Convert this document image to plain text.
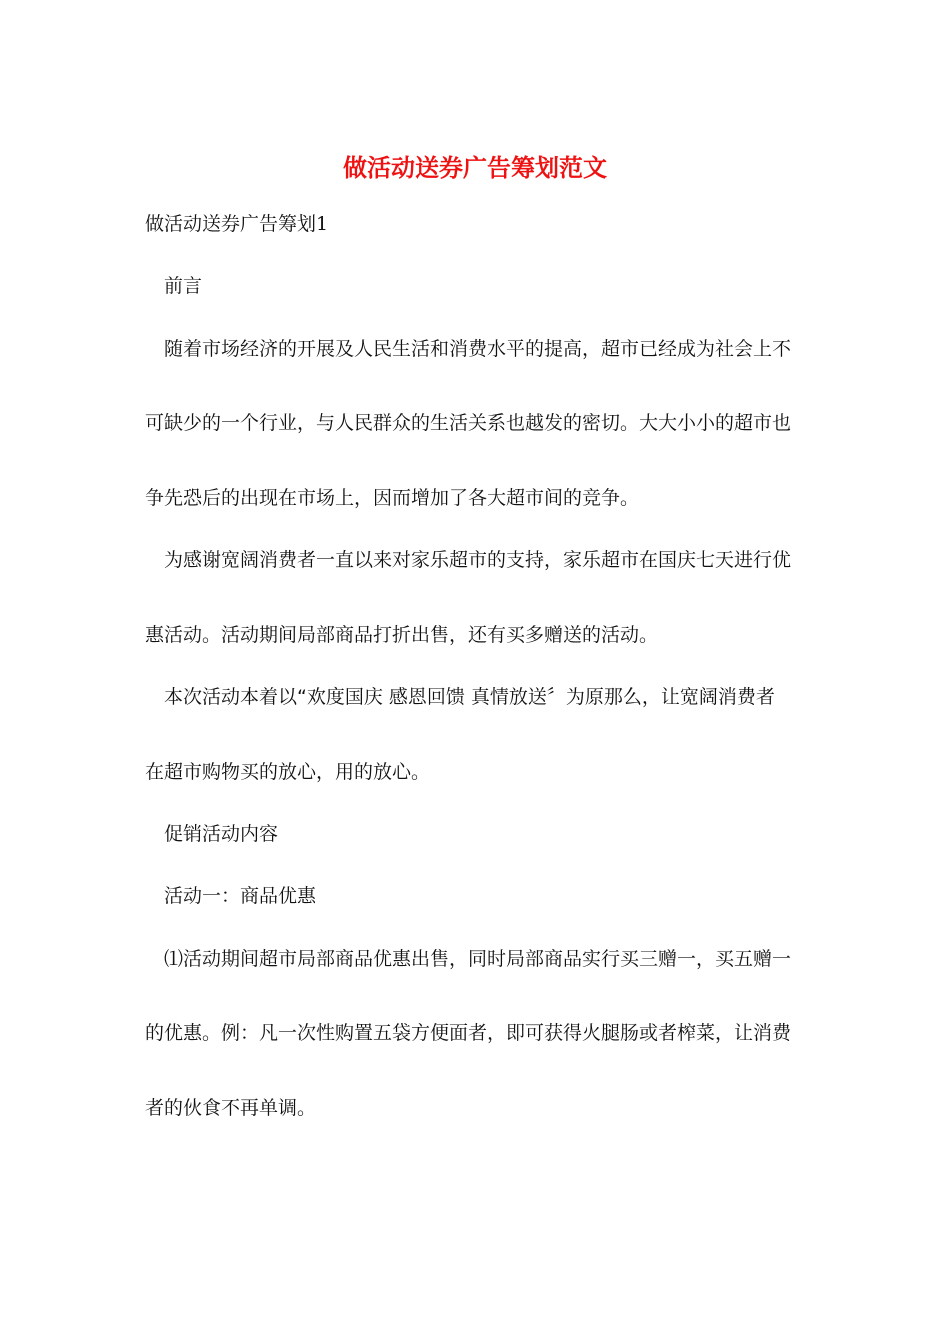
做活动送券广告筹划范文

做活动送券广告筹划1

前言

随着市场经济的开展及人民生活和消费水平的提高，超市已经成为社会上不

可缺少的一个行业，与人民群众的生活关系也越发的密切。大大小小的超市也

争先恐后的出现在市场上，因而增加了各大超市间的竞争。

为感谢宽阔消费者一直以来对家乐超市的支持，家乐超市在国庆七天进行优

惠活动。活动期间局部商品打折出售，还有买多赠送的活动。

本次活动本着以“欢度国庆 感恩回馈 真情放送〞为原那么，让宽阔消费者

在超市购物买的放心，用的放心。

促销活动内容

活动一：商品优惠

⑴活动期间超市局部商品优惠出售，同时局部商品实行买三赠一，买五赠一

的优惠。例：凡一次性购置五袋方便面者，即可获得火腿肠或者榨菜，让消费

者的伙食不再单调。
